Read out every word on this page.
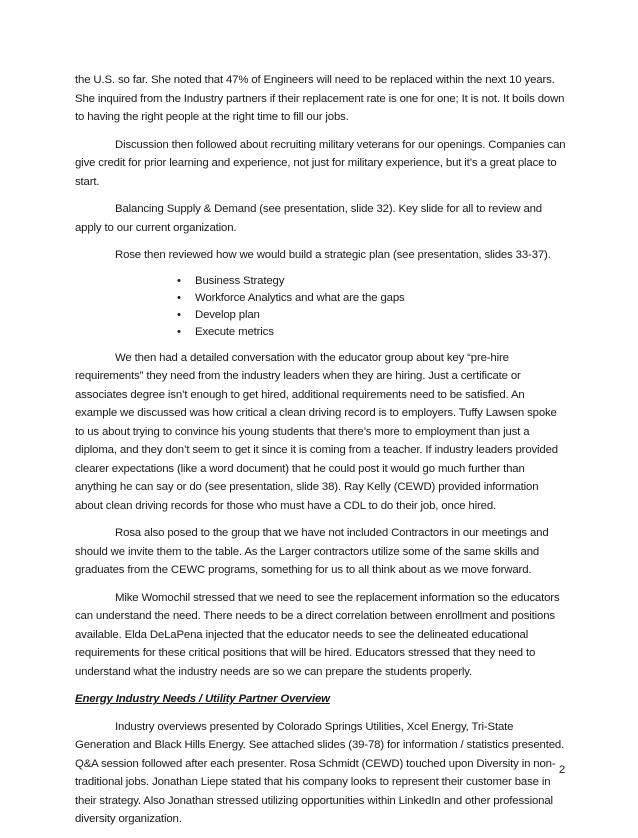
the U.S. so far. She noted that 47% of Engineers will need to be replaced within the next 10 years. She inquired from the Industry partners if their replacement rate is one for one; It is not. It boils down to having the right people at the right time to fill our jobs.

Discussion then followed about recruiting military veterans for our openings. Companies can give credit for prior learning and experience, not just for military experience, but it’s a great place to start.

Balancing Supply & Demand (see presentation, slide 32). Key slide for all to review and apply to our current organization.

Rose then reviewed how we would build a strategic plan (see presentation, slides 33-37).

• Business Strategy
• Workforce Analytics and what are the gaps
• Develop plan
• Execute metrics

We then had a detailed conversation with the educator group about key “pre-hire requirements” they need from the industry leaders when they are hiring. Just a certificate or associates degree isn’t enough to get hired, additional requirements need to be satisfied. An example we discussed was how critical a clean driving record is to employers. Tuffy Lawsen spoke to us about trying to convince his young students that there’s more to employment than just a diploma, and they don’t seem to get it since it is coming from a teacher. If industry leaders provided clearer expectations (like a word document) that he could post it would go much further than anything he can say or do (see presentation, slide 38). Ray Kelly (CEWD) provided information about clean driving records for those who must have a CDL to do their job, once hired.

Rosa also posed to the group that we have not included Contractors in our meetings and should we invite them to the table. As the Larger contractors utilize some of the same skills and graduates from the CEWC programs, something for us to all think about as we move forward.

Mike Womochil stressed that we need to see the replacement information so the educators can understand the need. There needs to be a direct correlation between enrollment and positions available. Elda DeLaPena injected that the educator needs to see the delineated educational requirements for these critical positions that will be hired. Educators stressed that they need to understand what the industry needs are so we can prepare the students properly.

Energy Industry Needs / Utility Partner Overview

Industry overviews presented by Colorado Springs Utilities, Xcel Energy, Tri-State Generation and Black Hills Energy. See attached slides (39-78) for information / statistics presented. Q&A session followed after each presenter. Rosa Schmidt (CEWD) touched upon Diversity in non-traditional jobs. Jonathan Liepe stated that his company looks to represent their customer base in their strategy. Also Jonathan stressed utilizing opportunities within LinkedIn and other professional diversity organization.

2
